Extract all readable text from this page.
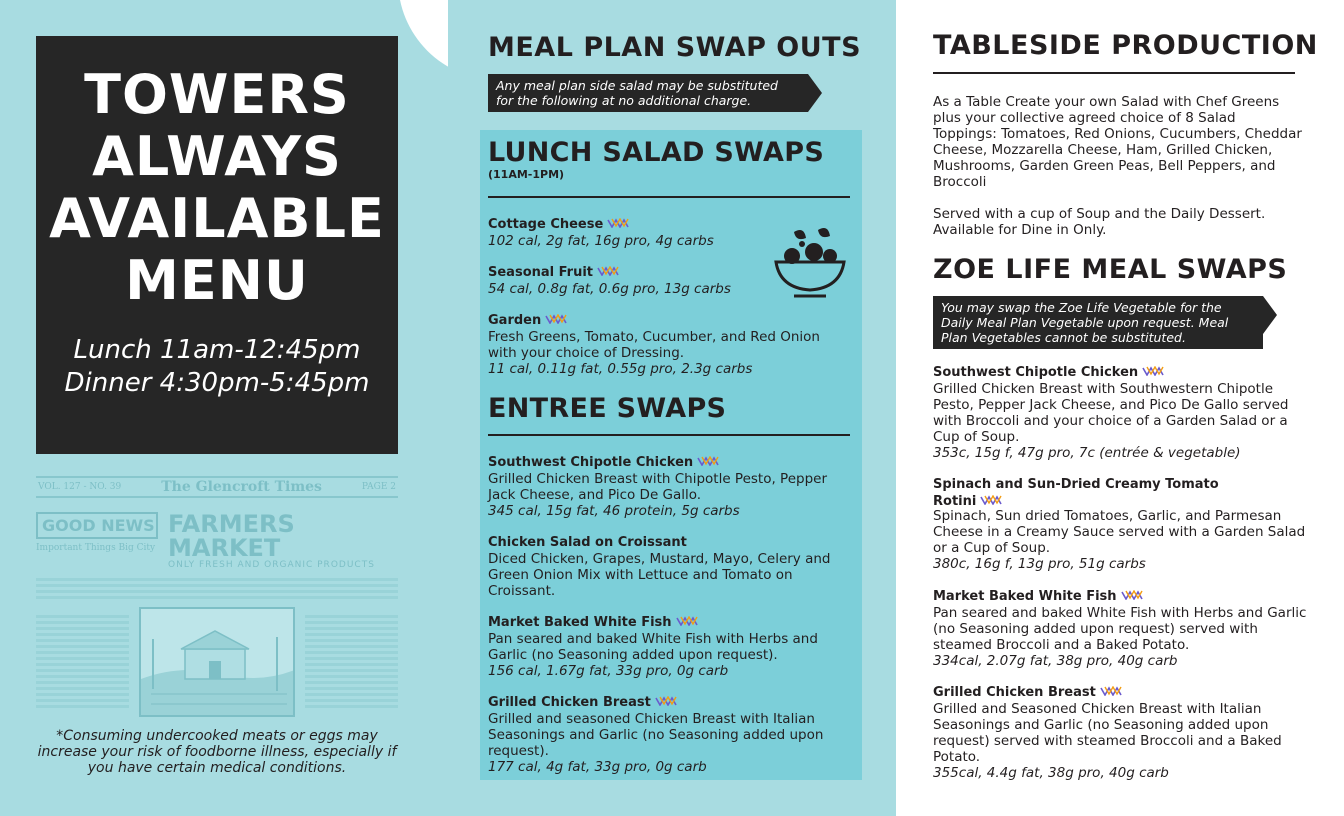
TOWERS
ALWAYS
AVAILABLE
MENU
Lunch 11am-12:45pm
Dinner 4:30pm-5:45pm
VOL. 127 - NO. 39	The Glencroft Times	PAGE 2
GOOD NEWS
Important Things Big City
FARMERS MARKET
ONLY FRESH AND ORGANIC PRODUCTS
*Consuming undercooked meats or eggs may increase your risk of foodborne illness, especially if you have certain medical conditions.
MEAL PLAN SWAP OUTS
Any meal plan side salad may be substituted
for the following at no additional charge.
LUNCH SALAD SWAPS
(11AM-1PM)
Cottage Cheese
102 cal, 2g fat, 16g pro, 4g carbs
Seasonal Fruit
54 cal, 0.8g fat, 0.6g pro, 13g carbs
Garden
Fresh Greens, Tomato, Cucumber, and Red Onion with your choice of Dressing.
11 cal, 0.11g fat, 0.55g pro, 2.3g carbs
ENTREE SWAPS
Southwest Chipotle Chicken
Grilled Chicken Breast with Chipotle Pesto, Pepper Jack Cheese, and Pico De Gallo.
345 cal, 15g fat, 46 protein, 5g carbs
Chicken Salad on Croissant
Diced Chicken, Grapes, Mustard, Mayo, Celery and Green Onion Mix with Lettuce and Tomato on Croissant.
Market Baked White Fish
Pan seared and baked White Fish with Herbs and Garlic (no Seasoning added upon request).
156 cal, 1.67g fat, 33g pro, 0g carb
Grilled Chicken Breast
Grilled and seasoned Chicken Breast with Italian Seasonings and Garlic (no Seasoning added upon request).
177 cal, 4g fat, 33g pro, 0g carb
TABLESIDE PRODUCTION
As a Table Create your own Salad with Chef Greens plus your collective agreed choice of 8 Salad Toppings: Tomatoes, Red Onions, Cucumbers, Cheddar Cheese, Mozzarella Cheese, Ham, Grilled Chicken, Mushrooms, Garden Green Peas, Bell Peppers, and Broccoli
Served with a cup of Soup and the Daily Dessert. Available for Dine in Only.
ZOE LIFE MEAL SWAPS
You may swap the Zoe Life Vegetable for the
Daily Meal Plan Vegetable upon request. Meal
Plan Vegetables cannot be substituted.
Southwest Chipotle Chicken
Grilled Chicken Breast with Southwestern Chipotle Pesto, Pepper Jack Cheese, and Pico De Gallo served with Broccoli and your choice of a Garden Salad or a Cup of Soup.
353c, 15g f, 47g pro, 7c (entrée & vegetable)
Spinach and Sun-Dried Creamy Tomato Rotini
Spinach, Sun dried Tomatoes, Garlic, and Parmesan Cheese in a Creamy Sauce served with a Garden Salad or a Cup of Soup.
380c, 16g f, 13g pro, 51g carbs
Market Baked White Fish
Pan seared and baked White Fish with Herbs and Garlic (no Seasoning added upon request) served with steamed Broccoli and a Baked Potato.
334cal, 2.07g fat, 38g pro, 40g carb
Grilled Chicken Breast
Grilled and Seasoned Chicken Breast with Italian Seasonings and Garlic (no Seasoning added upon request) served with steamed Broccoli and a Baked Potato.
355cal, 4.4g fat, 38g pro, 40g carb
